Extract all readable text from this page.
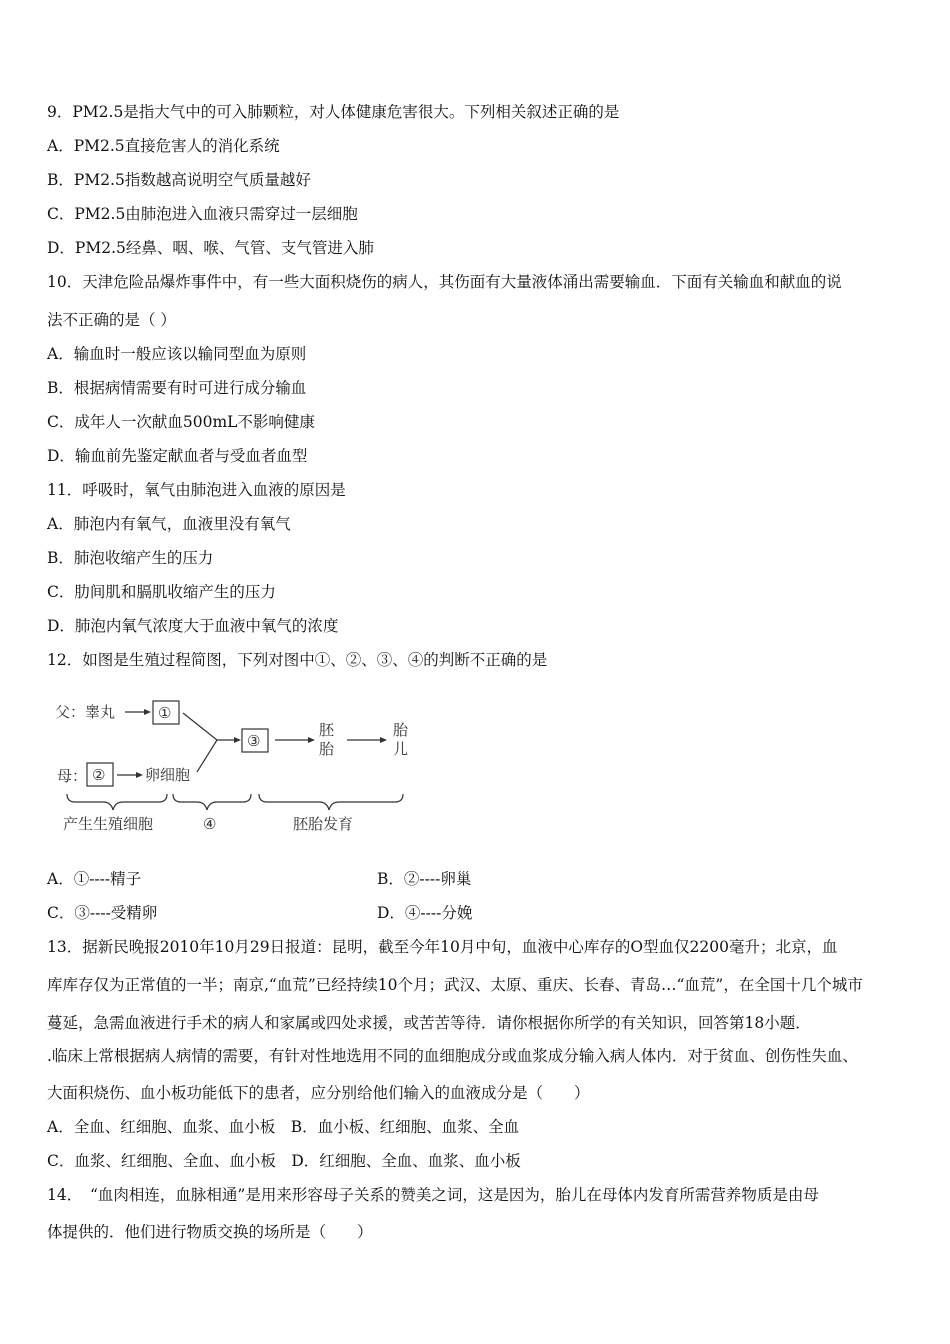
9．PM2.5是指大气中的可入肺颗粒，对人体健康危害很大。下列相关叙述正确的是
A．PM2.5直接危害人的消化系统
B．PM2.5指数越高说明空气质量越好
C．PM2.5由肺泡进入血液只需穿过一层细胞
D．PM2.5经鼻、咽、喉、气管、支气管进入肺
10．天津危险品爆炸事件中，有一些大面积烧伤的病人，其伤面有大量液体涌出需要输血．下面有关输血和献血的说
法不正确的是（ ）
A．输血时一般应该以输同型血为原则
B．根据病情需要有时可进行成分输血
C．成年人一次献血500mL不影响健康
D．输血前先鉴定献血者与受血者血型
11．呼吸时，氧气由肺泡进入血液的原因是
A．肺泡内有氧气，血液里没有氧气
B．肺泡收缩产生的压力
C．肋间肌和膈肌收缩产生的压力
D．肺泡内氧气浓度大于血液中氧气的浓度
12．如图是生殖过程简图，下列对图中①、②、③、④的判断不正确的是
父：睾丸	①
③
胚
胎
胎
儿
母： ②	卵细胞
产生生殖细胞	④	胚胎发育
A．①----精子	B．②----卵巢
C．③----受精卵	D．④----分娩
13．据新民晚报2010年10月29日报道：昆明，截至今年10月中旬，血液中心库存的O型血仅2200毫升；北京，血
库库存仅为正常值的一半；南京,“血荒”已经持续10个月；武汉、太原、重庆、长春、青岛…“血荒”，在全国十几个城市
蔓延，急需血液进行手术的病人和家属或四处求援，或苦苦等待．请你根据你所学的有关知识，回答第18小题．
.临床上常根据病人病情的需要，有针对性地选用不同的血细胞成分或血浆成分输入病人体内．对于贫血、创伤性失血、
大面积烧伤、血小板功能低下的患者，应分别给他们输入的血液成分是（　　）
A．全血、红细胞、血浆、血小板　B．血小板、红细胞、血浆、全血
C．血浆、红细胞、全血、血小板　D．红细胞、全血、血浆、血小板
14．　“血肉相连，血脉相通”是用来形容母子关系的赞美之词，这是因为，胎儿在母体内发育所需营养物质是由母
体提供的．他们进行物质交换的场所是（　　）
